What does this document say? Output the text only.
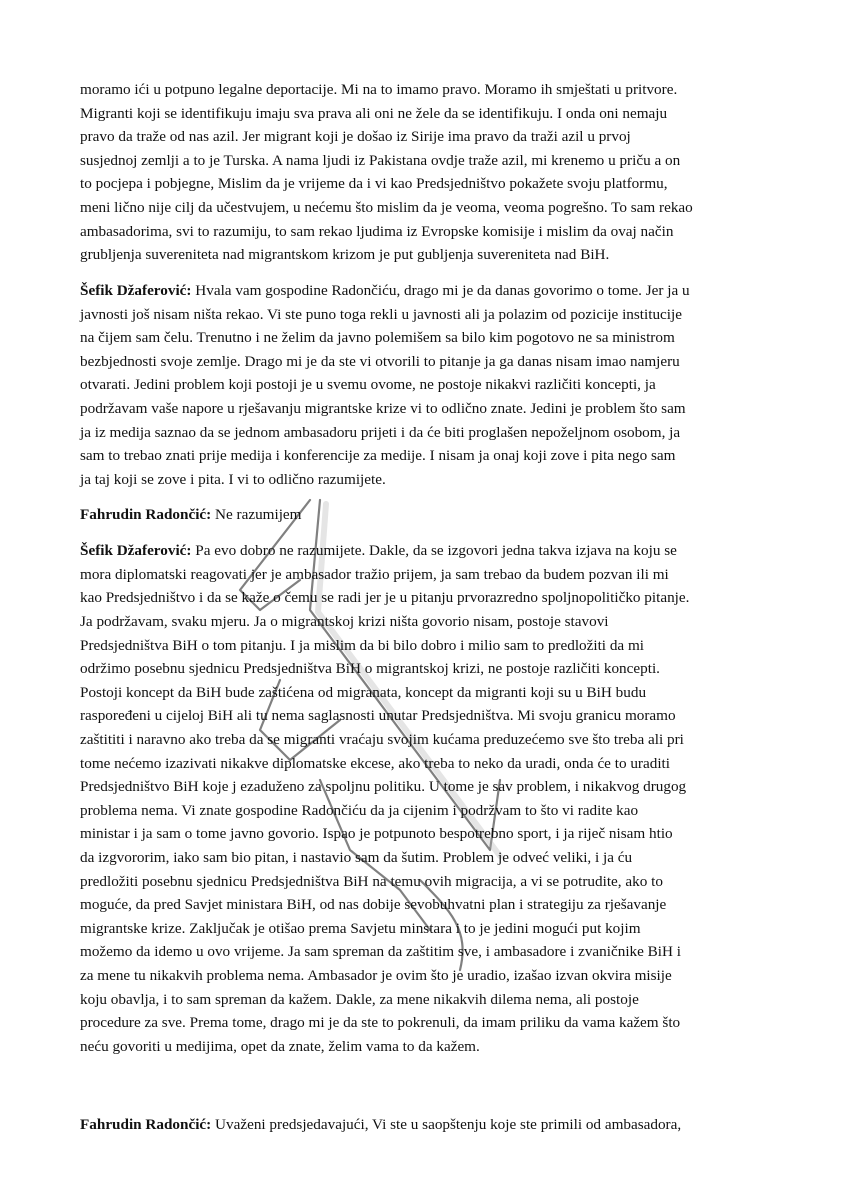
moramo ići u potpuno legalne deportacije. Mi na to imamo pravo. Moramo ih smještati u pritvore.
Migranti koji se identifikuju imaju sva prava ali oni ne žele da se identifikuju. I onda oni nemaju
pravo da traže od nas azil. Jer migrant koji je došao iz Sirije ima pravo da traži azil u prvoj
susjednoj zemlji a to je Turska. A nama ljudi iz Pakistana ovdje traže azil, mi krenemo u priču a on
to pocjepa i pobjegne, Mislim da je vrijeme da i vi kao Predsjedništvo pokažete svoju platformu,
meni lično nije cilj da učestvujem, u nećemu što mislim da je veoma, veoma pogrešno. To sam rekao
ambasadorima, svi to razumiju, to sam rekao ljudima iz Evropske komisije i mislim da ovaj način
grubljenja suvereniteta nad migrantskom krizom je put gubljenja suvereniteta nad BiH.

Šefik Džaferović: Hvala vam gospodine Radončiću, drago mi je da danas govorimo o tome. Jer ja u
javnosti još nisam ništa rekao. Vi ste puno toga rekli u javnosti ali ja polazim od pozicije institucije
na čijem sam čelu. Trenutno i ne želim da javno polemišem sa bilo kim pogotovo ne sa ministrom
bezbjednosti svoje zemlje. Drago mi je da ste vi otvorili to pitanje ja ga danas nisam imao namjeru
otvarati. Jedini problem koji postoji je u svemu ovome, ne postoje nikakvi različiti koncepti, ja
podržavam vaše napore u rješavanju migrantske krize vi to odlično znate. Jedini je problem što sam
ja iz medija saznao da se jednom ambasadoru prijeti i da će biti proglašen nepoželjnom osobom, ja
sam to trebao znati prije medija i konferencije za medije. I nisam ja onaj koji zove i pita nego sam
ja taj koji se zove i pita. I vi to odlično razumijete.

Fahrudin Radončić: Ne razumijem

Šefik Džaferović: Pa evo dobro ne razumijete. Dakle, da se izgovori jedna takva izjava na koju se
mora diplomatski reagovati jer je ambasador tražio prijem, ja sam trebao da budem pozvan ili mi
kao Predsjedništvo i da se kaže o čemu se radi jer je u pitanju prvorazredno spoljnopolitičko pitanje.
Ja podržavam, svaku mjeru. Ja o migrantskoj krizi ništa govorio nisam, postoje stavovi
Predsjedništva BiH o tom pitanju. I ja mislim da bi bilo dobro i milio sam to predložiti da mi
održimo posebnu sjednicu Predsjedništva BiH o migrantskoj krizi, ne postoje različiti koncepti.
Postoji koncept da BiH bude zaštićena od migranata, koncept da migranti koji su u BiH budu
raspoređeni u cijeloj BiH ali tu nema saglasnosti unutar Predsjedništva. Mi svoju granicu moramo
zaštititi i naravno ako treba da se migranti vraćaju svojim kućama preduzećemo sve što treba ali pri
tome nećemo izazivati nikakve diplomatske ekcese, ako treba to neko da uradi, onda će to uraditi
Predsjedništvo BiH koje j ezaduženo za spoljnu politiku. U tome je sav problem, i nikakvog drugog
problema nema. Vi znate gospodine Radončiću da ja cijenim i podržvam to što vi radite kao
ministar i ja sam o tome javno govorio. Ispao je potpunoto bespotrebno sport, i ja riječ nisam htio
da izgvororim, iako sam bio pitan, i nastavio sam da šutim. Problem je odveć veliki, i ja ću
predložiti posebnu sjednicu Predsjedništva BiH na temu ovih migracija, a vi se potrudite, ako to
moguće, da pred Savjet ministara BiH, od nas dobije sevobuhvatni plan i strategiju za rješavanje
migrantske krize. Zaključak je otišao prema Savjetu minstara i to je jedini mogući put kojim
možemo da idemo u ovo vrijeme. Ja sam spreman da zaštitim sve, i ambasadore i zvaničnike BiH i
za mene tu nikakvih problema nema. Ambasador je ovim što je uradio, izašao izvan okvira misije
koju obavlja, i to sam spreman da kažem. Dakle, za mene nikakvih dilema nema, ali postoje
procedure za sve. Prema tome, drago mi je da ste to pokrenuli, da imam priliku da vama kažem što
neću govoriti u medijima, opet da znate, želim vama to da kažem.

Fahrudin Radončić: Uvaženi predsjedavajući, Vi ste u saopštenju koje ste primili od ambasadora,
